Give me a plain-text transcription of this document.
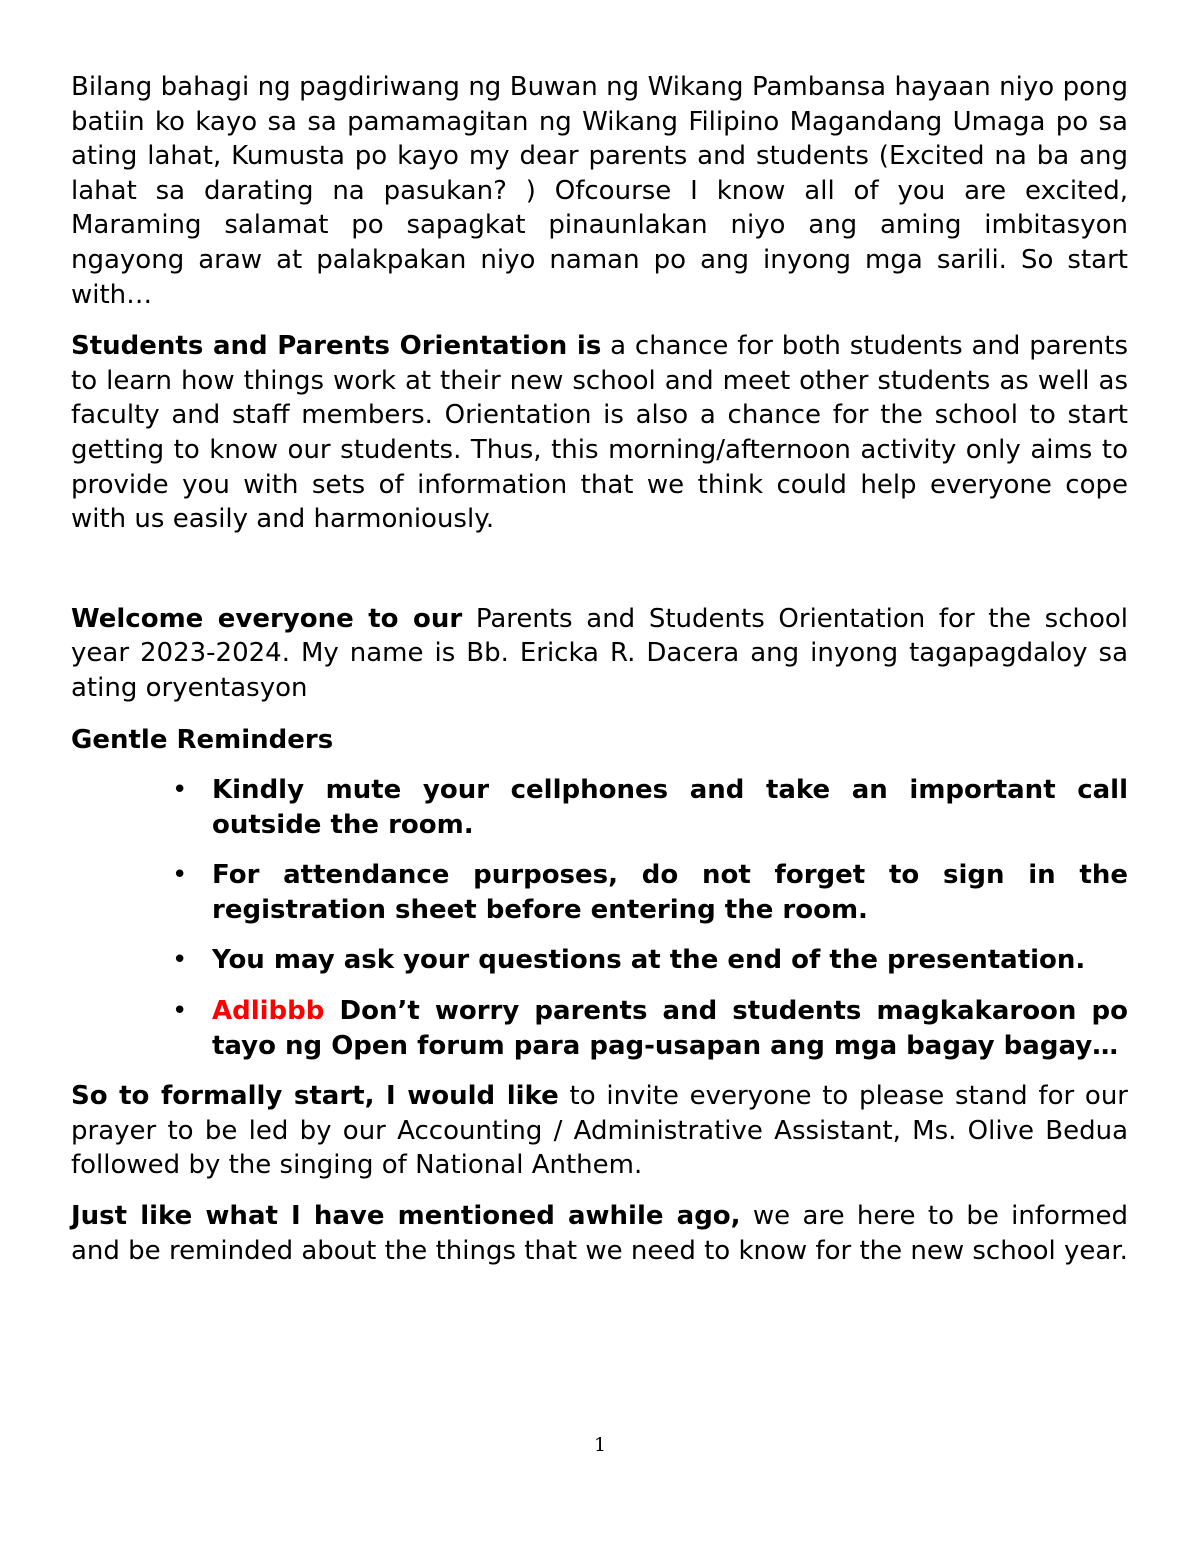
Bilang bahagi ng pagdiriwang ng Buwan ng Wikang Pambansa hayaan niyo pong batiin ko kayo sa sa pamamagitan ng Wikang Filipino Magandang Umaga po sa ating lahat, Kumusta po kayo my dear parents and students (Excited na ba ang lahat sa darating na pasukan? ) Ofcourse I know all of you are excited, Maraming salamat po sapagkat pinaunlakan niyo ang aming imbitasyon ngayong araw at palakpakan niyo naman po ang inyong mga sarili. So start with…

Students and Parents Orientation is a chance for both students and parents to learn how things work at their new school and meet other students as well as faculty and staff members. Orientation is also a chance for the school to start getting to know our students. Thus, this morning/afternoon activity only aims to provide you with sets of information that we think could help everyone cope with us easily and harmoniously.

Welcome everyone to our Parents and Students Orientation for the school year 2023-2024. My name is Bb. Ericka R. Dacera ang inyong tagapagdaloy sa ating oryentasyon

Gentle Reminders

• Kindly mute your cellphones and take an important call outside the room.
• For attendance purposes, do not forget to sign in the registration sheet before entering the room.
• You may ask your questions at the end of the presentation.
• Adlibbb Don’t worry parents and students magkakaroon po tayo ng Open forum para pag-usapan ang mga bagay bagay…

So to formally start, I would like to invite everyone to please stand for our prayer to be led by our Accounting / Administrative Assistant, Ms. Olive Bedua followed by the singing of National Anthem.

Just like what I have mentioned awhile ago, we are here to be informed and be reminded about the things that we need to know for the new school year.

1
